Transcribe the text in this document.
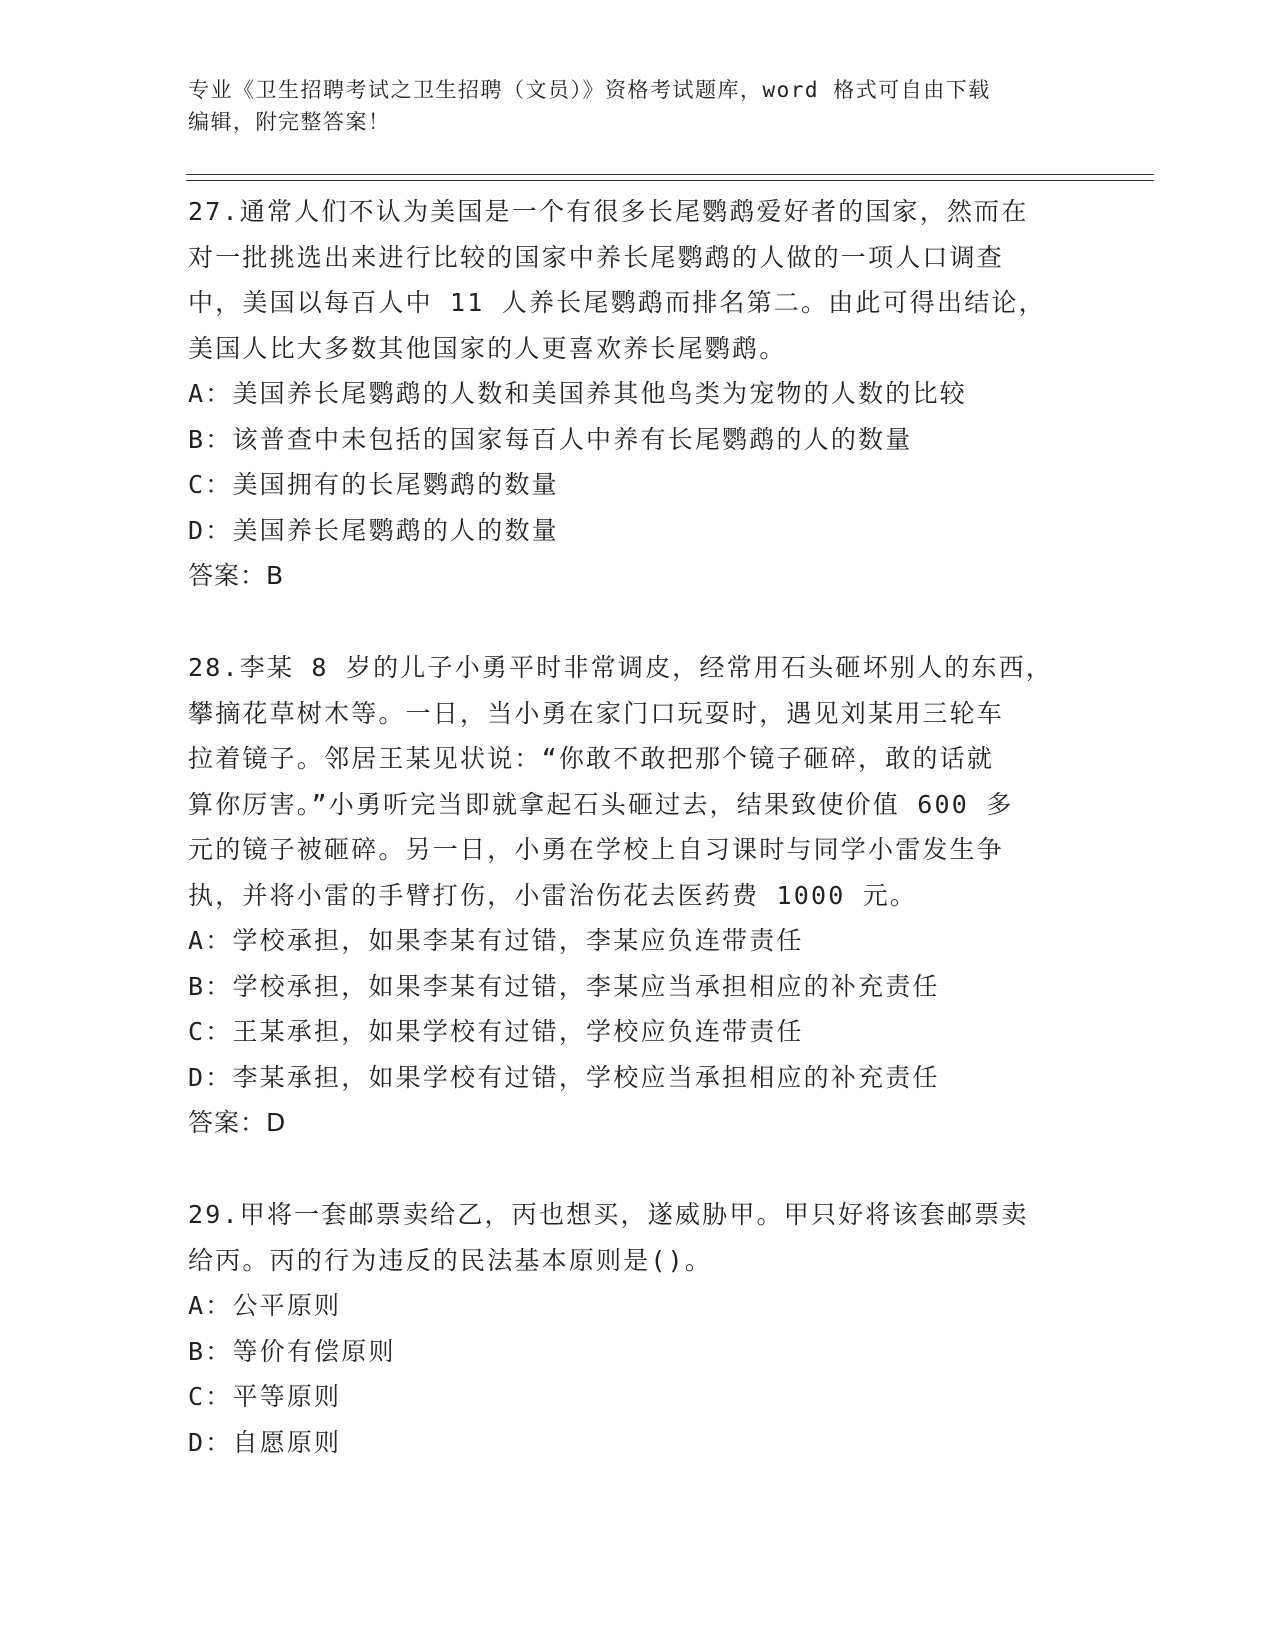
专业《卫生招聘考试之卫生招聘（文员）》资格考试题库，word 格式可自由下载

编辑，附完整答案！

27.通常人们不认为美国是一个有很多长尾鹦鹉爱好者的国家，然而在

对一批挑选出来进行比较的国家中养长尾鹦鹉的人做的一项人口调查

中，美国以每百人中 11 人养长尾鹦鹉而排名第二。由此可得出结论，

美国人比大多数其他国家的人更喜欢养长尾鹦鹉。

A：美国养长尾鹦鹉的人数和美国养其他鸟类为宠物的人数的比较

B：该普查中未包括的国家每百人中养有长尾鹦鹉的人的数量

C：美国拥有的长尾鹦鹉的数量

D：美国养长尾鹦鹉的人的数量

答案：B

28.李某 8 岁的儿子小勇平时非常调皮，经常用石头砸坏别人的东西，

攀摘花草树木等。一日，当小勇在家门口玩耍时，遇见刘某用三轮车

拉着镜子。邻居王某见状说：“你敢不敢把那个镜子砸碎，敢的话就

算你厉害。”小勇听完当即就拿起石头砸过去，结果致使价值 600 多

元的镜子被砸碎。另一日，小勇在学校上自习课时与同学小雷发生争

执，并将小雷的手臂打伤，小雷治伤花去医药费 1000 元。

A：学校承担，如果李某有过错，李某应负连带责任

B：学校承担，如果李某有过错，李某应当承担相应的补充责任

C：王某承担，如果学校有过错，学校应负连带责任

D：李某承担，如果学校有过错，学校应当承担相应的补充责任

答案：D

29.甲将一套邮票卖给乙，丙也想买，遂威胁甲。甲只好将该套邮票卖

给丙。丙的行为违反的民法基本原则是()。

A：公平原则

B：等价有偿原则

C：平等原则

D：自愿原则
